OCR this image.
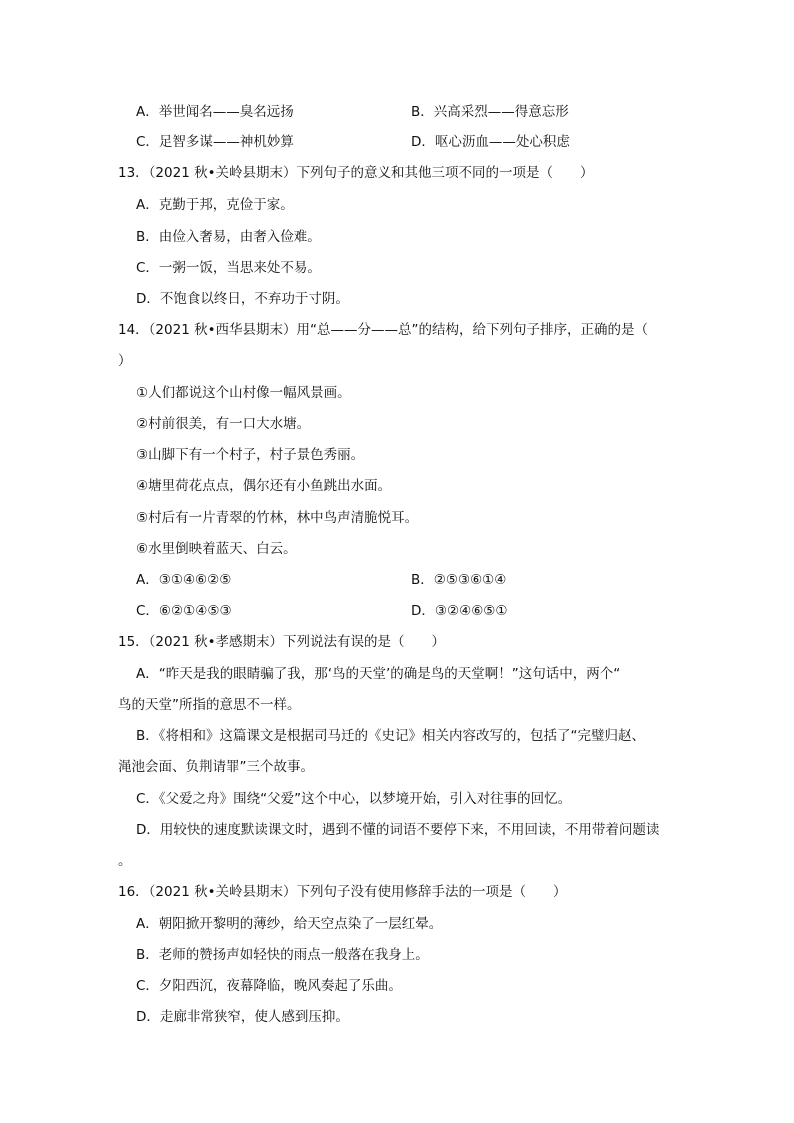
A．举世闻名——臭名远扬	B．兴高采烈——得意忘形
C．足智多谋——神机妙算	D．呕心沥血——处心积虑
13．（2021 秋•关岭县期末）下列句子的意义和其他三项不同的一项是（　　）
A．克勤于邦，克俭于家。
B．由俭入奢易，由奢入俭难。
C．一粥一饭，当思来处不易。
D．不饱食以终日，不弃功于寸阴。
14．（2021 秋•西华县期末）用“总——分——总”的结构，给下列句子排序，正确的是（
）
①人们都说这个山村像一幅风景画。
②村前很美，有一口大水塘。
③山脚下有一个村子，村子景色秀丽。
④塘里荷花点点，偶尔还有小鱼跳出水面。
⑤村后有一片青翠的竹林，林中鸟声清脆悦耳。
⑥水里倒映着蓝天、白云。
A．③①④⑥②⑤	B．②⑤③⑥①④
C．⑥②①④⑤③	D．③②④⑥⑤①
15．（2021 秋•孝感期末）下列说法有误的是（　　）
A．“昨天是我的眼睛骗了我，那‘鸟的天堂’的确是鸟的天堂啊！”这句话中，两个“
鸟的天堂”所指的意思不一样。
B．《将相和》这篇课文是根据司马迁的《史记》相关内容改写的，包括了“完璧归赵、
渑池会面、负荆请罪”三个故事。
C．《父爱之舟》围绕“父爱”这个中心，以梦境开始，引入对往事的回忆。
D．用较快的速度默读课文时，遇到不懂的词语不要停下来，不用回读，不用带着问题读
。
16．（2021 秋•关岭县期末）下列句子没有使用修辞手法的一项是（　　）
A．朝阳掀开黎明的薄纱，给天空点染了一层红晕。
B．老师的赞扬声如轻快的雨点一般落在我身上。
C．夕阳西沉，夜幕降临，晚风奏起了乐曲。
D．走廊非常狭窄，使人感到压抑。
